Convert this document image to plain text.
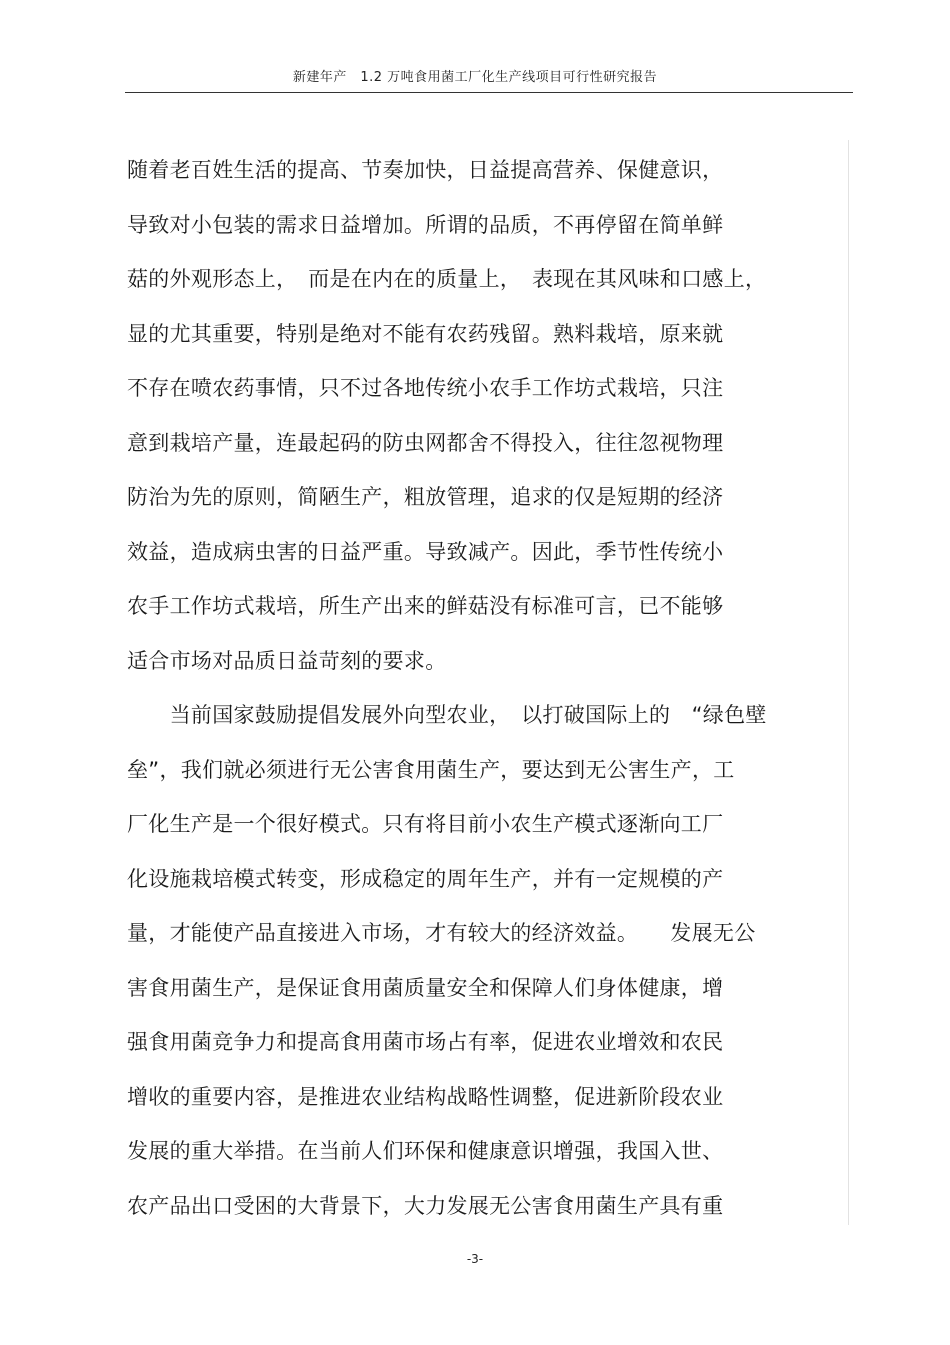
新建年产　1.2 万吨食用菌工厂化生产线项目可行性研究报告
随着老百姓生活的提高、节奏加快，日益提高营养、保健意识，
导致对小包装的需求日益增加。所谓的品质，不再停留在简单鲜
菇的外观形态上，　而是在内在的质量上，　表现在其风味和口感上，
显的尤其重要，特别是绝对不能有农药残留。熟料栽培，原来就
不存在喷农药事情，只不过各地传统小农手工作坊式栽培，只注
意到栽培产量，连最起码的防虫网都舍不得投入，往往忽视物理
防治为先的原则，简陋生产，粗放管理，追求的仅是短期的经济
效益，造成病虫害的日益严重。导致减产。因此，季节性传统小
农手工作坊式栽培，所生产出来的鲜菇没有标准可言，已不能够
适合市场对品质日益苛刻的要求。
　　当前国家鼓励提倡发展外向型农业，　以打破国际上的　“绿色壁
垒”，我们就必须进行无公害食用菌生产，要达到无公害生产，工
厂化生产是一个很好模式。只有将目前小农生产模式逐渐向工厂
化设施栽培模式转变，形成稳定的周年生产，并有一定规模的产
量，才能使产品直接进入市场，才有较大的经济效益。　　发展无公
害食用菌生产，是保证食用菌质量安全和保障人们身体健康，增
强食用菌竞争力和提高食用菌市场占有率，促进农业增效和农民
增收的重要内容，是推进农业结构战略性调整，促进新阶段农业
发展的重大举措。在当前人们环保和健康意识增强，我国入世、
农产品出口受困的大背景下，大力发展无公害食用菌生产具有重
-3-
